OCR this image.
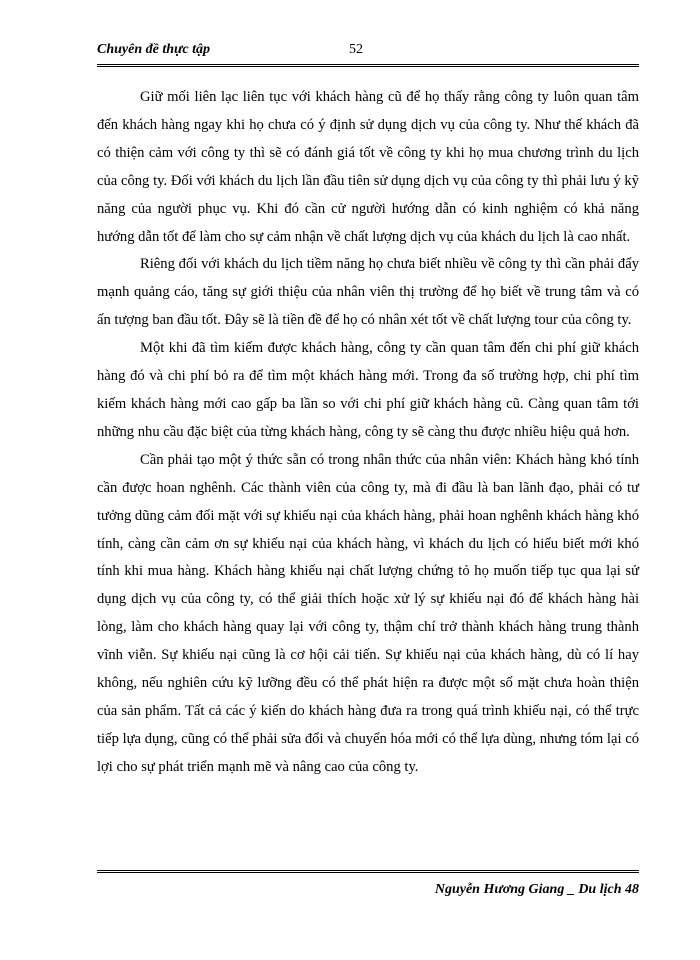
Chuyên đề thực tập	52

Giữ mối liên lạc liên tục với khách hàng cũ để họ thấy rằng công ty luôn quan tâm đến khách hàng ngay khi họ chưa có ý định sử dụng dịch vụ của công ty. Như thế khách đã có thiện cảm với công ty thì sẽ có đánh giá tốt về công ty khi họ mua chương trình du lịch của công ty. Đối với khách du lịch lần đầu tiên sử dụng dịch vụ của công ty thì phải lưu ý kỹ năng của người phục vụ. Khi đó cần cử người hướng dẫn có kinh nghiệm có khả năng hướng dẫn tốt để làm cho sự cảm nhận về chất lượng dịch vụ của khách du lịch là cao nhất.

Riêng đối với khách du lịch tiềm năng họ chưa biết nhiều về công ty thì cần phải đẩy mạnh quảng cáo, tăng sự giới thiệu của nhân viên thị trường để họ biết về trung tâm và có ấn tượng ban đầu tốt. Đây sẽ là tiền đề để họ có nhân xét tốt về chất lượng tour của công ty.

Một khi đã tìm kiếm được khách hàng, công ty cần quan tâm đến chi phí giữ khách hàng đó và chi phí bỏ ra để tìm một khách hàng mới. Trong đa số trường hợp, chi phí tìm kiếm khách hàng mới cao gấp ba lần so với chi phí giữ khách hàng cũ. Càng quan tâm tới những nhu cầu đặc biệt của từng khách hàng, công ty sẽ càng thu được nhiều hiệu quả hơn.

Cần phải tạo một ý thức sẵn có trong nhân thức của nhân viên: Khách hàng khó tính cần được hoan nghênh. Các thành viên của công ty, mà đi đầu là ban lãnh đạo, phải có tư tưởng dũng cảm đối mặt với sự khiếu nại của khách hàng, phải hoan nghênh khách hàng khó tính, càng cần cảm ơn sự khiếu nại của khách hàng, vì khách du lịch có hiểu biết mới khó tính khi mua hàng. Khách hàng khiếu nại chất lượng chứng tỏ họ muốn tiếp tục qua lại sử dụng dịch vụ của công ty, có thể giải thích hoặc xử lý sự khiếu nại đó để khách hàng hài lòng, làm cho khách hàng quay lại với công ty, thậm chí trở thành khách hàng trung thành vĩnh viễn. Sự khiếu nại cũng là cơ hội cải tiến. Sự khiếu nại của khách hàng, dù có lí hay không, nếu nghiên cứu kỹ lưỡng đều có thể phát hiện ra được một số mặt chưa hoàn thiện của sản phẩm. Tất cả các ý kiến do khách hàng đưa ra trong quá trình khiếu nại, có thể trực tiếp lựa dụng, cũng có thể phải sửa đổi và chuyển hóa mới có thể lựa dùng, nhưng tóm lại có lợi cho sự phát triển mạnh mẽ và nâng cao của công ty.

Nguyễn Hương Giang _ Du lịch 48
